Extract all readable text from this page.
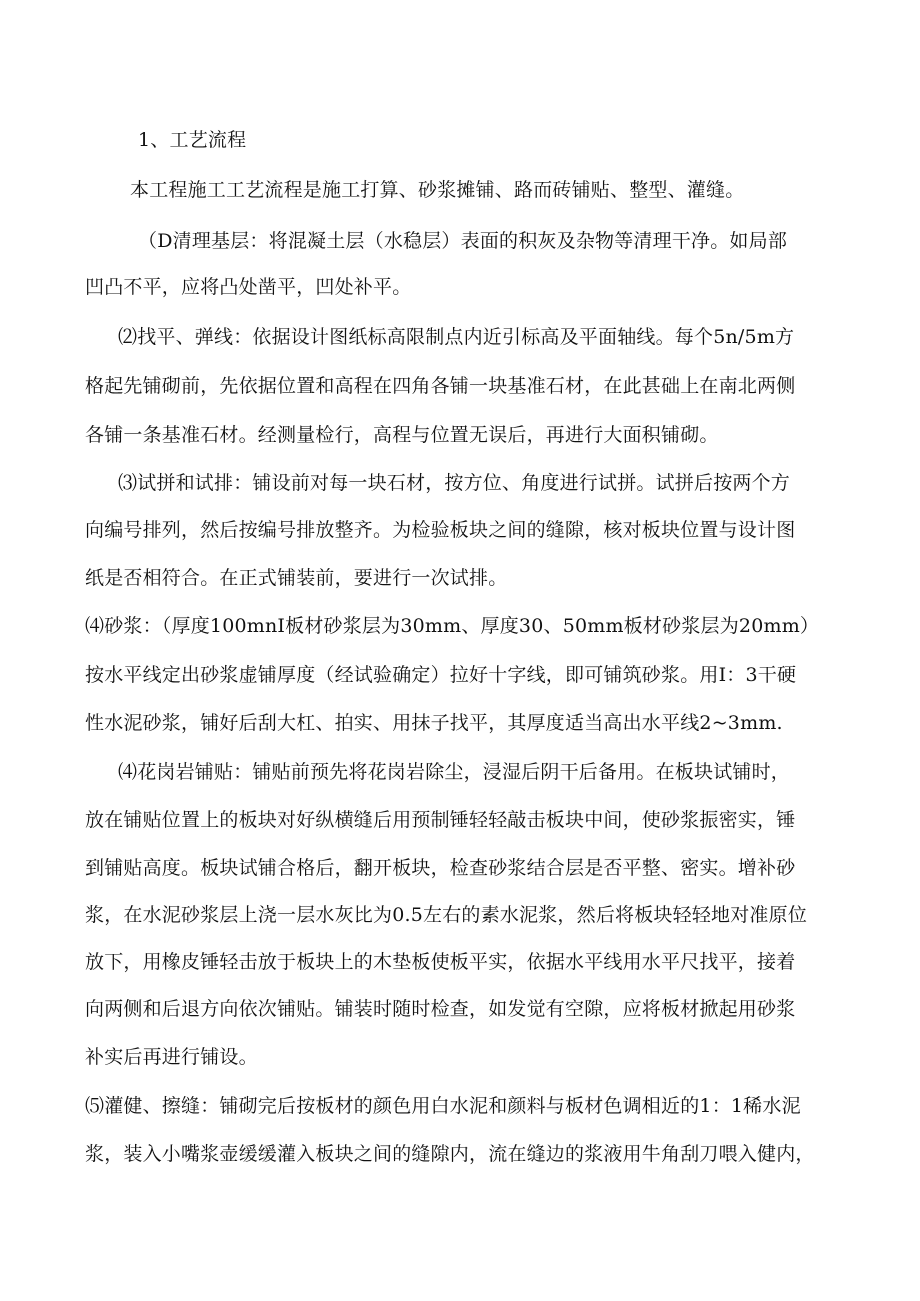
1、工艺流程
本工程施工工艺流程是施工打算、砂浆摊铺、路而砖铺贴、整型、灌缝。
（D清理基层：将混凝土层（水稳层）表面的积灰及杂物等清理干净。如局部
凹凸不平，应将凸处凿平，凹处补平。
⑵找平、弹线：依据设计图纸标高限制点内近引标高及平面轴线。每个5n∕5m方
格起先铺砌前，先依据位置和高程在四角各铺一块基准石材，在此甚础上在南北两侧
各铺一条基准石材。经测量检行，高程与位置无误后，再进行大面积铺砌。
⑶试拼和试排：铺设前对每一块石材，按方位、角度进行试拼。试拼后按两个方
向编号排列，然后按编号排放整齐。为检验板块之间的缝隙，核对板块位置与设计图
纸是否相符合。在正式铺装前，要进行一次试排。
⑷砂浆：（厚度100mnI板材砂浆层为30mm、厚度30、50mm板材砂浆层为20mm）
按水平线定出砂浆虚铺厚度（经试验确定）拉好十字线，即可铺筑砂浆。用I：3干硬
性水泥砂浆，铺好后刮大杠、拍实、用抹子找平，其厚度适当高出水平线2~3mm.
⑷花岗岩铺贴：铺贴前预先将花岗岩除尘，浸湿后阴干后备用。在板块试铺时，
放在铺贴位置上的板块对好纵横缝后用预制锤轻轻敲击板块中间，使砂浆振密实，锤
到铺贴高度。板块试铺合格后，翻开板块，检查砂浆结合层是否平整、密实。增补砂
浆，在水泥砂浆层上浇一层水灰比为0.5左右的素水泥浆，然后将板块轻轻地对准原位
放下，用橡皮锤轻击放于板块上的木垫板使板平实，依据水平线用水平尺找平，接着
向两侧和后退方向依次铺贴。铺装时随时检查，如发觉有空隙，应将板材掀起用砂浆
补实后再进行铺设。
⑸灌健、擦缝：铺砌完后按板材的颜色用白水泥和颜料与板材色调相近的1：1稀水泥
浆，装入小嘴浆壶缓缓灌入板块之间的缝隙内，流在缝边的浆液用牛角刮刀喂入健内，
